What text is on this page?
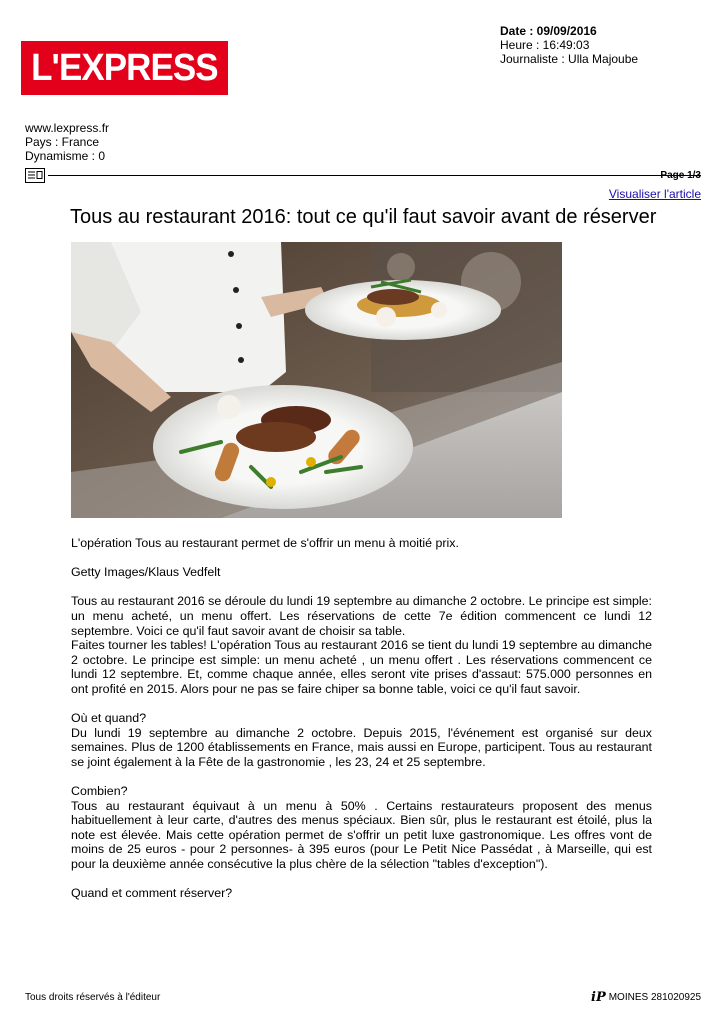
L'EXPRESS
Date : 09/09/2016
Heure : 16:49:03
Journaliste : Ulla Majoube
www.lexpress.fr
Pays : France
Dynamisme : 0
Page 1/3
Visualiser l'article
Tous au restaurant 2016: tout ce qu'il faut savoir avant de réserver

L'opération Tous au restaurant permet de s'offrir un menu à moitié prix.

Getty Images/Klaus Vedfelt

Tous au restaurant 2016 se déroule du lundi 19 septembre au dimanche 2 octobre. Le principe est simple: un menu acheté, un menu offert. Les réservations de cette 7e édition commencent ce lundi 12 septembre. Voici ce qu'il faut savoir avant de choisir sa table.

Faites tourner les tables! L'opération Tous au restaurant 2016 se tient du lundi 19 septembre au dimanche 2 octobre. Le principe est simple: un menu acheté , un menu offert . Les réservations commencent ce lundi 12 septembre. Et, comme chaque année, elles seront vite prises d'assaut: 575.000 personnes en ont profité en 2015. Alors pour ne pas se faire chiper sa bonne table, voici ce qu'il faut savoir.

Où et quand?

Du lundi 19 septembre au dimanche 2 octobre. Depuis 2015, l'événement est organisé sur deux semaines. Plus de 1200 établissements en France, mais aussi en Europe, participent. Tous au restaurant se joint également à la Fête de la gastronomie , les 23, 24 et 25 septembre.

Combien?

Tous au restaurant équivaut à un menu à 50% . Certains restaurateurs proposent des menus habituellement à leur carte, d'autres des menus spéciaux. Bien sûr, plus le restaurant est étoilé, plus la note est élevée. Mais cette opération permet de s'offrir un petit luxe gastronomique. Les offres vont de moins de 25 euros - pour 2 personnes- à 395 euros (pour Le Petit Nice Passédat , à Marseille, qui est pour la deuxième année consécutive la plus chère de la sélection "tables d'exception").

Quand et comment réserver?

Tous droits réservés à l'éditeur	iP MOINES 281020925
